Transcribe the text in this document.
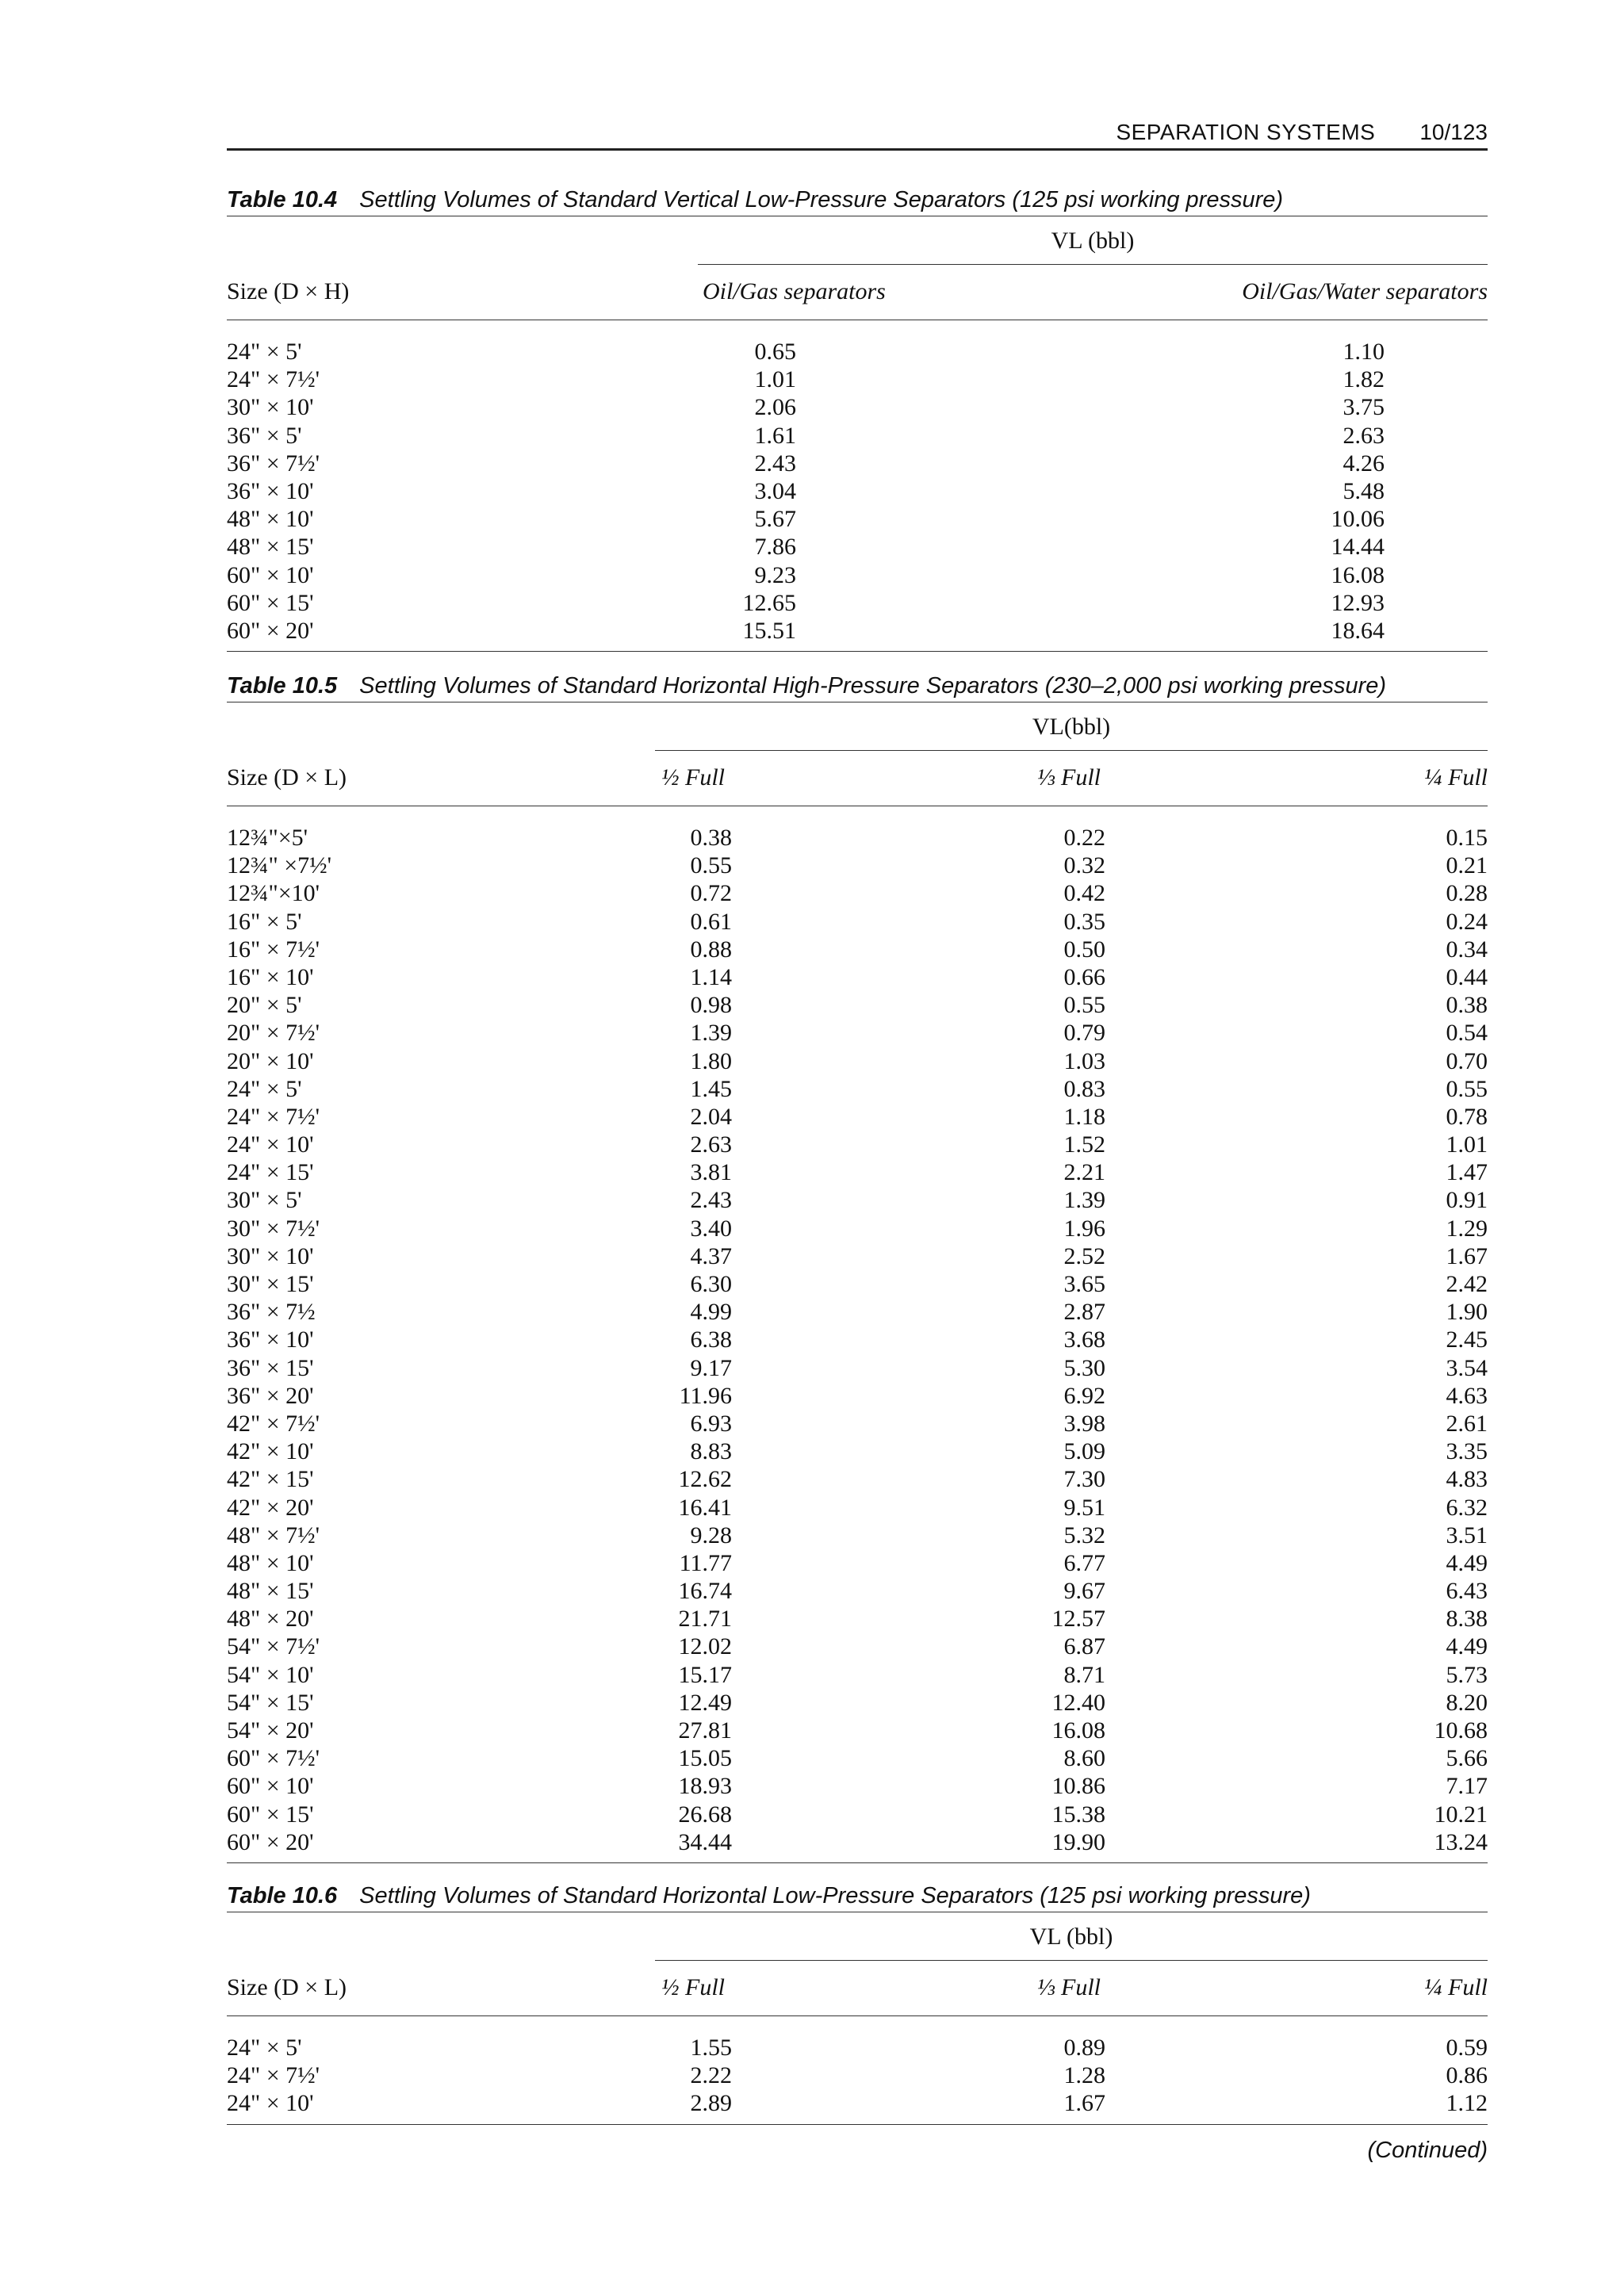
SEPARATION SYSTEMS 10/123
Table 10.4 Settling Volumes of Standard Vertical Low-Pressure Separators (125 psi working pressure)
VL (bbl)
Size (D × H)	Oil/Gas separators	Oil/Gas/Water separators
24" × 5'	0.65	1.10
24" × 7½'	1.01	1.82
30" × 10'	2.06	3.75
36" × 5'	1.61	2.63
36" × 7½'	2.43	4.26
36" × 10'	3.04	5.48
48" × 10'	5.67	10.06
48" × 15'	7.86	14.44
60" × 10'	9.23	16.08
60" × 15'	12.65	12.93
60" × 20'	15.51	18.64
Table 10.5 Settling Volumes of Standard Horizontal High-Pressure Separators (230–2,000 psi working pressure)
VL(bbl)
Size (D × L)	½ Full	⅓ Full	¼ Full
12¾"×5'	0.38	0.22	0.15
12¾" ×7½'	0.55	0.32	0.21
12¾"×10'	0.72	0.42	0.28
16" × 5'	0.61	0.35	0.24
16" × 7½'	0.88	0.50	0.34
16" × 10'	1.14	0.66	0.44
20" × 5'	0.98	0.55	0.38
20" × 7½'	1.39	0.79	0.54
20" × 10'	1.80	1.03	0.70
24" × 5'	1.45	0.83	0.55
24" × 7½'	2.04	1.18	0.78
24" × 10'	2.63	1.52	1.01
24" × 15'	3.81	2.21	1.47
30" × 5'	2.43	1.39	0.91
30" × 7½'	3.40	1.96	1.29
30" × 10'	4.37	2.52	1.67
30" × 15'	6.30	3.65	2.42
36" × 7½	4.99	2.87	1.90
36" × 10'	6.38	3.68	2.45
36" × 15'	9.17	5.30	3.54
36" × 20'	11.96	6.92	4.63
42" × 7½'	6.93	3.98	2.61
42" × 10'	8.83	5.09	3.35
42" × 15'	12.62	7.30	4.83
42" × 20'	16.41	9.51	6.32
48" × 7½'	9.28	5.32	3.51
48" × 10'	11.77	6.77	4.49
48" × 15'	16.74	9.67	6.43
48" × 20'	21.71	12.57	8.38
54" × 7½'	12.02	6.87	4.49
54" × 10'	15.17	8.71	5.73
54" × 15'	12.49	12.40	8.20
54" × 20'	27.81	16.08	10.68
60" × 7½'	15.05	8.60	5.66
60" × 10'	18.93	10.86	7.17
60" × 15'	26.68	15.38	10.21
60" × 20'	34.44	19.90	13.24
Table 10.6 Settling Volumes of Standard Horizontal Low-Pressure Separators (125 psi working pressure)
VL (bbl)
Size (D × L)	½ Full	⅓ Full	¼ Full
24" × 5'	1.55	0.89	0.59
24" × 7½'	2.22	1.28	0.86
24" × 10'	2.89	1.67	1.12
(Continued)
